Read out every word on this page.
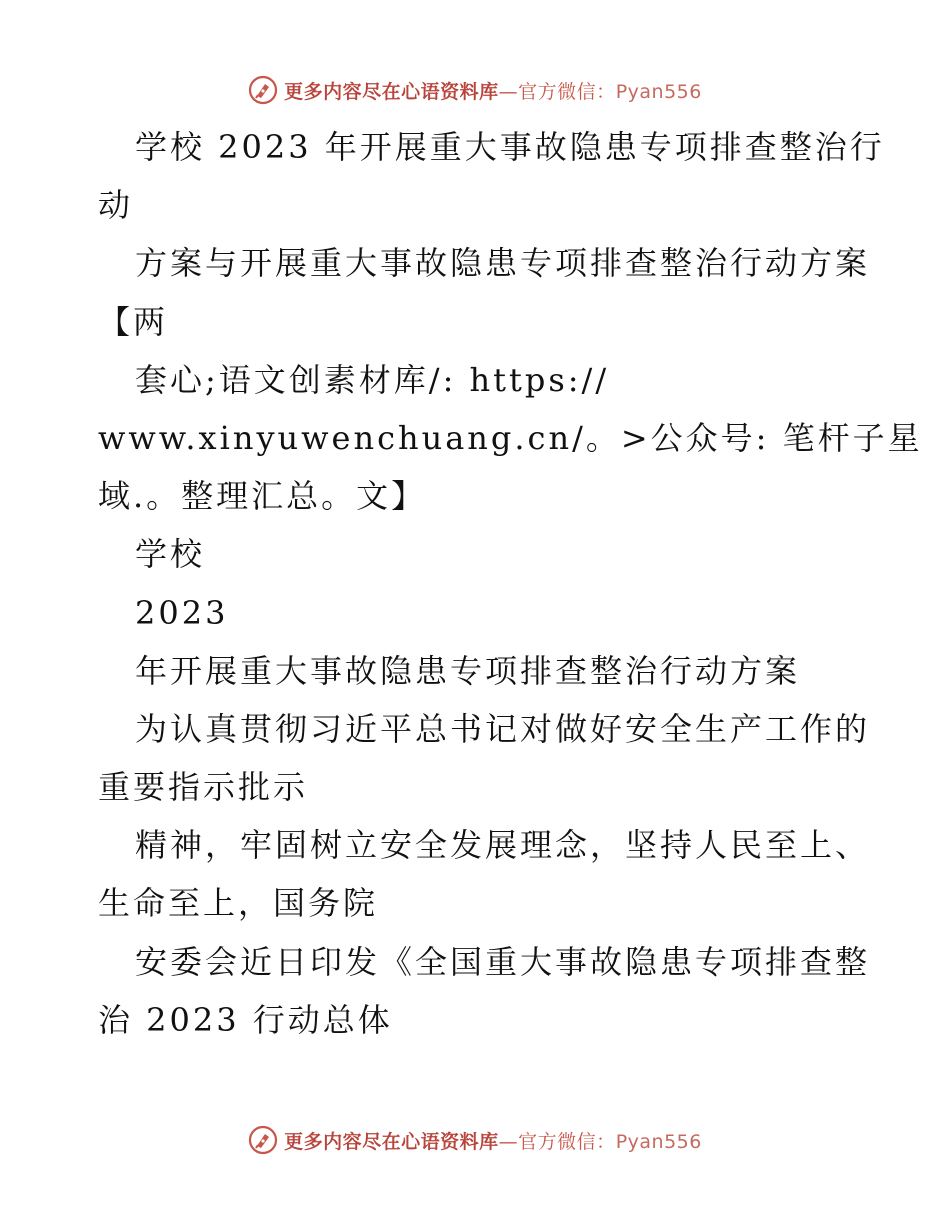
更多内容尽在心语资料库—官方微信：Pyan556
学校 2023 年开展重大事故隐患专项排查整治行
动
方案与开展重大事故隐患专项排查整治行动方案
【两
套心;语文创素材库/: https://
www.xinyuwenchuang.cn/。>公众号: 笔杆子星
域.。整理汇总。文】
学校
2023
年开展重大事故隐患专项排查整治行动方案
为认真贯彻习近平总书记对做好安全生产工作的
重要指示批示
精神，牢固树立安全发展理念，坚持人民至上、
生命至上，国务院
安委会近日印发《全国重大事故隐患专项排查整
治 2023 行动总体
更多内容尽在心语资料库—官方微信：Pyan556
